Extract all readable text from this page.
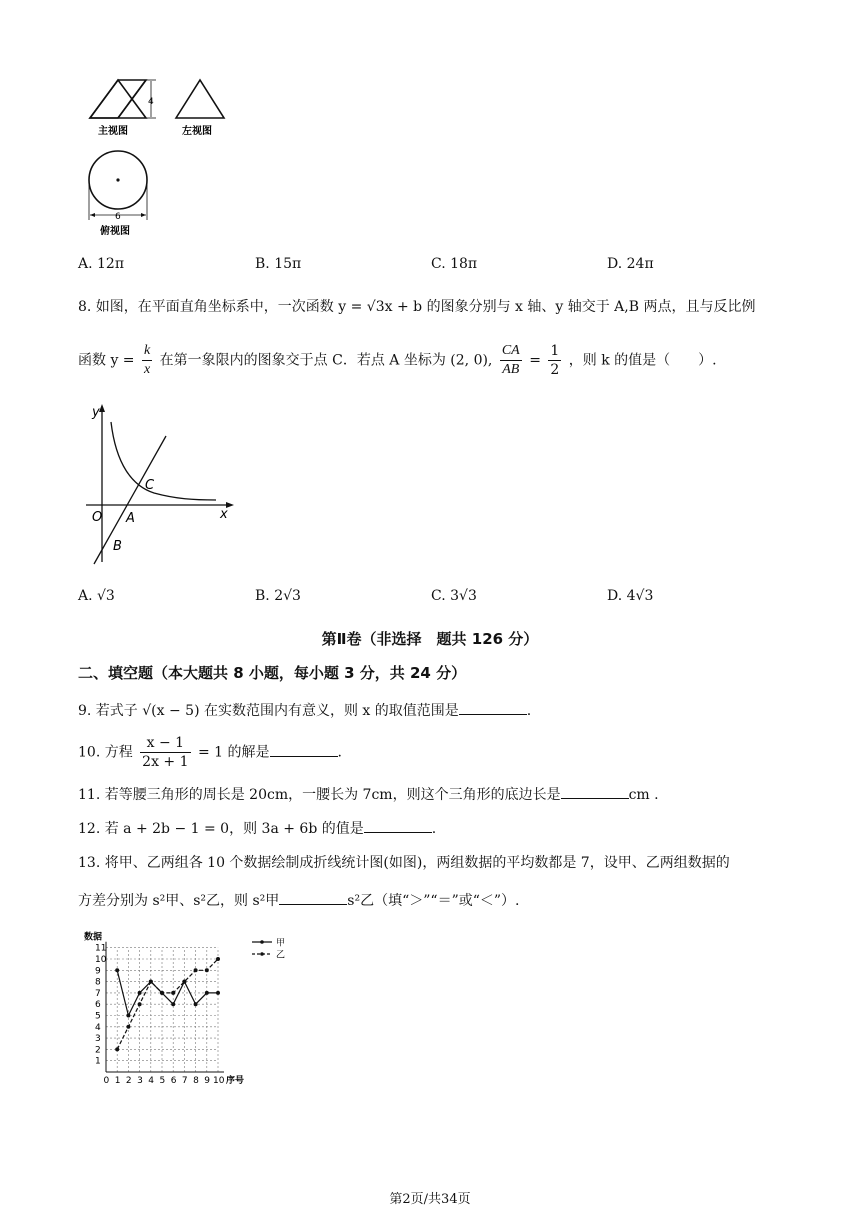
4
主视图	左视图
6
俯视图
A. 12π	B. 15π	C. 18π	D. 24π
8. 如图，在平面直角坐标系中，一次函数 y = √3x + b 的图象分别与 x 轴、y 轴交于 A,B 两点，且与反比例
函数 $y = \frac{k}{x}$ 在第一象限内的图象交于点 C．若点 A 坐标为 (2, 0), $\frac{CA}{AB} = \frac{1}{2}$ ，则 k 的值是（　　）.
y
x
O A
B
C
A. √3	B. 2√3	C. 3√3	D. 4√3
第Ⅱ卷（非选择　题共 126 分）
二、填空题（本大题共 8 小题，每小题 3 分，共 24 分）
9. 若式子 √(x − 5) 在实数范围内有意义，则 x 的取值范围是	.
10. 方程 $\frac{x - 1}{2x + 1} = 1$ 的解是	.
11. 若等腰三角形的周长是 20cm，一腰长为 7cm，则这个三角形的底边长是	cm .
12. 若 a + 2b − 1 = 0，则 3a + 6b 的值是	.
13. 将甲、乙两组各 10 个数据绘制成折线统计图(如图)，两组数据的平均数都是 7，设甲、乙两组数据的
方差分别为 s²甲、s²乙，则 s²甲	s²乙（填“＞”“＝”或“＜”）.
1
2
3
4
5
6
7
8
9
10
11
0 1 2 3 4 5 6 7 8 9 10
数据
序号
甲
乙
第2页/共34页
